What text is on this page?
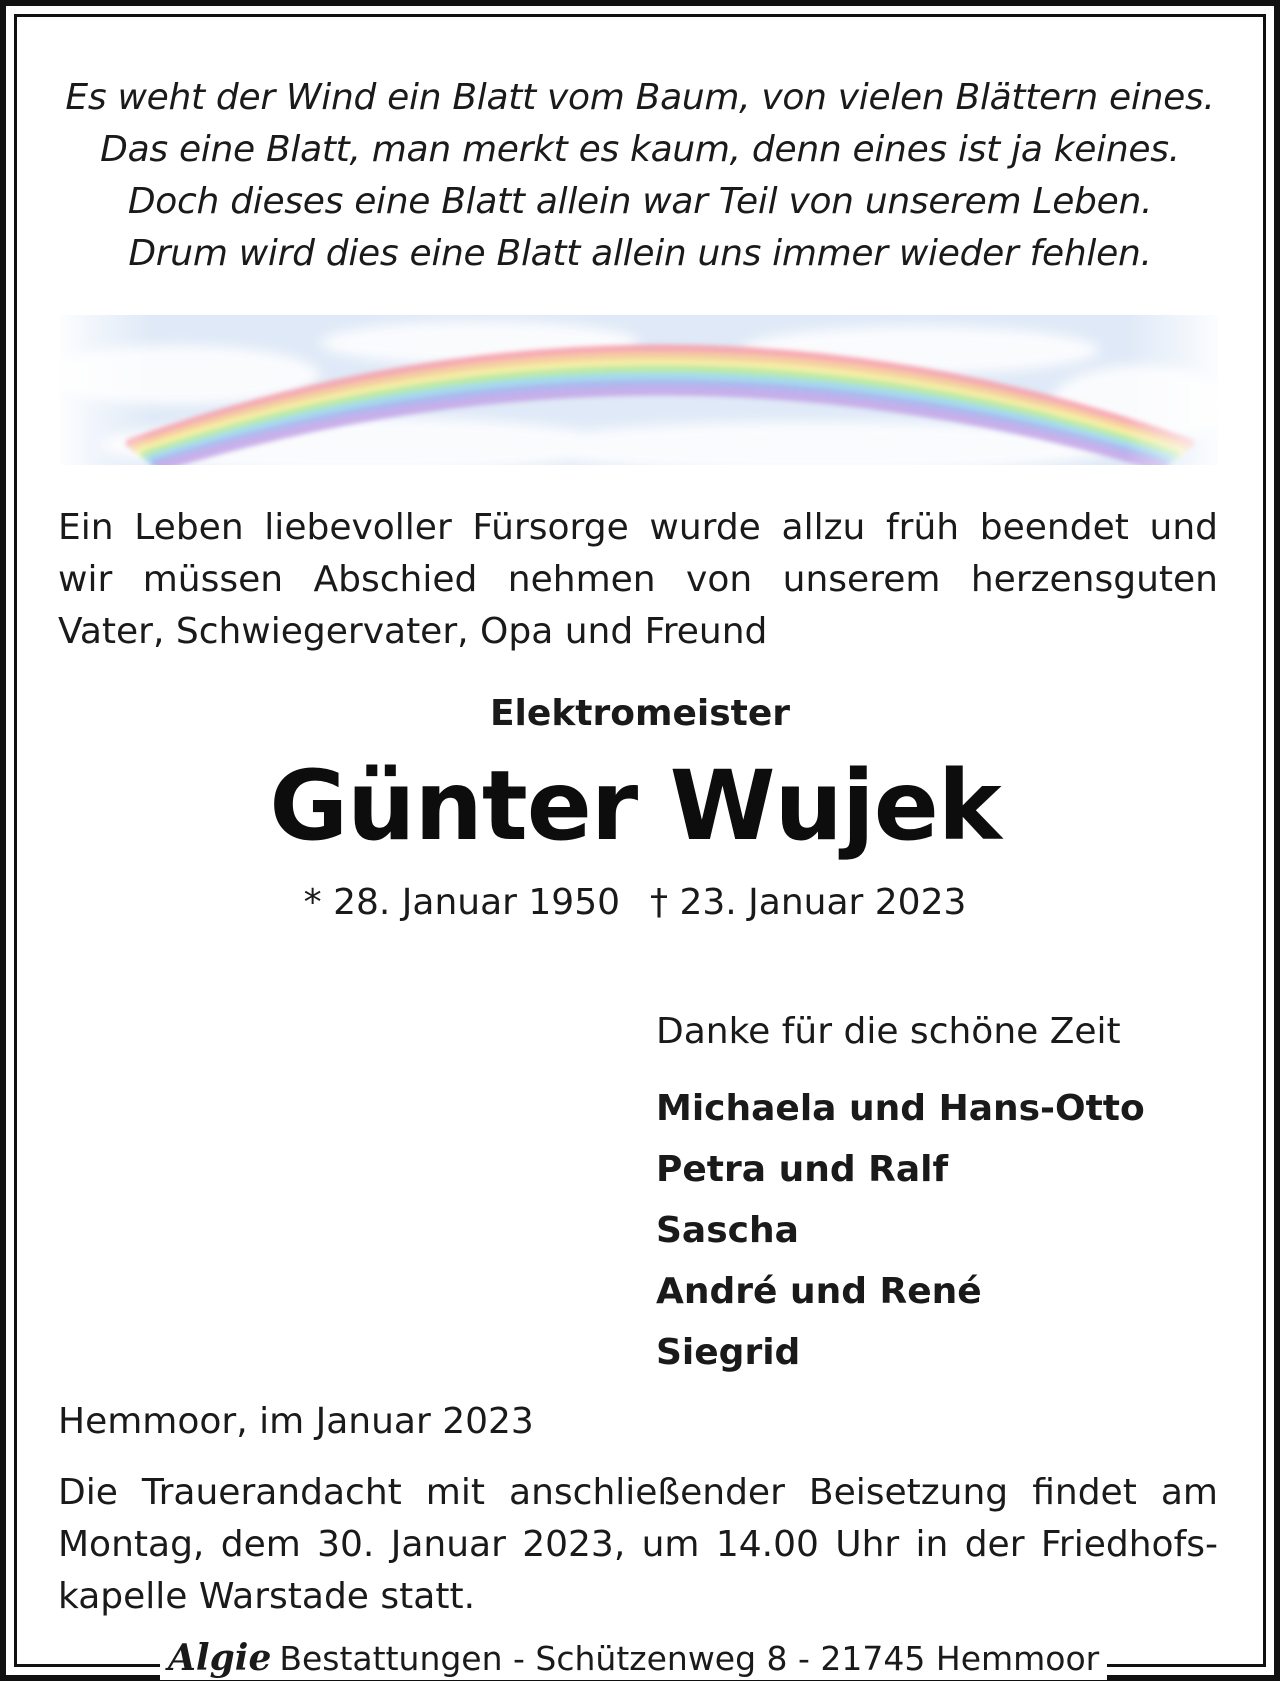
Es weht der Wind ein Blatt vom Baum, von vielen Blättern eines.
Das eine Blatt, man merkt es kaum, denn eines ist ja keines.
Doch dieses eine Blatt allein war Teil von unserem Leben.
Drum wird dies eine Blatt allein uns immer wieder fehlen.
Ein Leben liebevoller Fürsorge wurde allzu früh beendet und
wir müssen Abschied nehmen von unserem herzensguten
Vater, Schwiegervater, Opa und Freund
Elektromeister
Günter Wujek
* 28. Januar 1950 † 23. Januar 2023
Danke für die schöne Zeit
Michaela und Hans-Otto
Petra und Ralf
Sascha
André und René
Siegrid
Hemmoor, im Januar 2023
Die Trauerandacht mit anschließender Beisetzung findet am
Montag, dem 30. Januar 2023, um 14.00 Uhr in der Friedhofs-
kapelle Warstade statt.
Algie Bestattungen - Schützenweg 8 - 21745 Hemmoor
